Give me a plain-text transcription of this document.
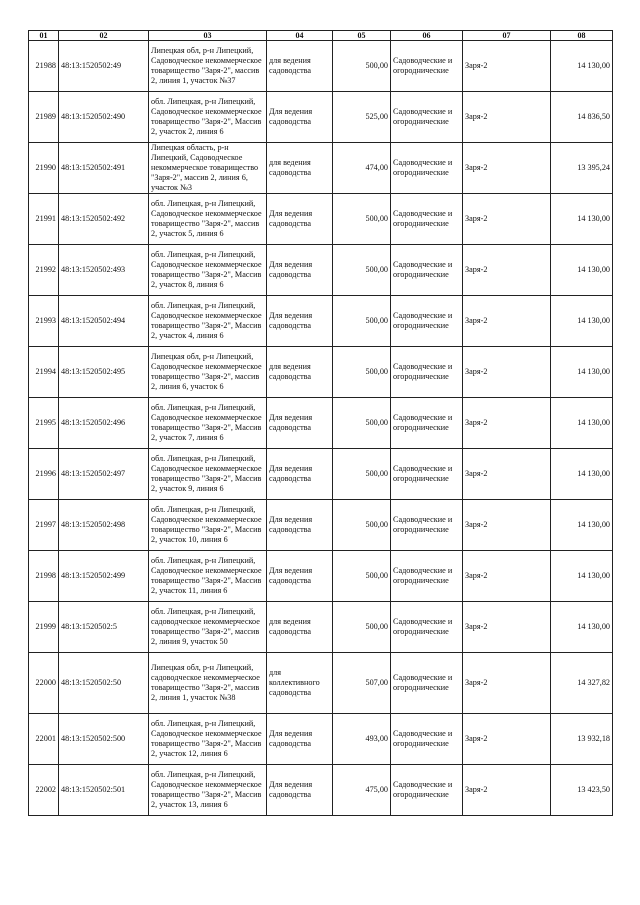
01	02	03	04	05	06	07	08
21988	48:13:1520502:49	Липецкая обл, р-н Липецкий, Садоводческое некоммерческое товарищество "Заря-2", массив 2, линия 1, участок №37	для ведения садоводства	500,00	Садоводческие и огороднические	Заря-2	14 130,00
21989	48:13:1520502:490	обл. Липецкая, р-н Липецкий, Садоводческое некоммерческое товарищество "Заря-2", Массив 2, участок 2, линия 6	Для ведения садоводства	525,00	Садоводческие и огороднические	Заря-2	14 836,50
21990	48:13:1520502:491	Липецкая область, р-н Липецкий, Садоводческое некоммерческое товарищество "Заря-2", массив 2, линия 6, участок №3	для ведения садоводства	474,00	Садоводческие и огороднические	Заря-2	13 395,24
21991	48:13:1520502:492	обл. Липецкая, р-н Липецкий, Садоводческое некоммерческое товарищество "Заря-2", массив 2, участок 5, линия 6	Для ведения садоводства	500,00	Садоводческие и огороднические	Заря-2	14 130,00
21992	48:13:1520502:493	обл. Липецкая, р-н Липецкий, Садоводческое некоммерческое товарищество "Заря-2", Массив 2, участок 8, линия 6	Для ведения садоводства	500,00	Садоводческие и огороднические	Заря-2	14 130,00
21993	48:13:1520502:494	обл. Липецкая, р-н Липецкий, Садоводческое некоммерческое товарищество "Заря-2", Массив 2, участок 4, линия 6	Для ведения садоводства	500,00	Садоводческие и огороднические	Заря-2	14 130,00
21994	48:13:1520502:495	Липецкая обл, р-н Липецкий, Садоводческое некоммерческое товарищество "Заря-2", массив 2, линия 6, участок 6	для ведения садоводства	500,00	Садоводческие и огороднические	Заря-2	14 130,00
21995	48:13:1520502:496	обл. Липецкая, р-н Липецкий, Садоводческое некоммерческое товарищество "Заря-2", Массив 2, участок 7, линия 6	Для ведения садоводства	500,00	Садоводческие и огороднические	Заря-2	14 130,00
21996	48:13:1520502:497	обл. Липецкая, р-н Липецкий, Садоводческое некоммерческое товарищество "Заря-2", Массив 2, участок 9, линия 6	Для ведения садоводства	500,00	Садоводческие и огороднические	Заря-2	14 130,00
21997	48:13:1520502:498	обл. Липецкая, р-н Липецкий, Садоводческое некоммерческое товарищество "Заря-2", Массив 2, участок 10, линия 6	Для ведения садоводства	500,00	Садоводческие и огороднические	Заря-2	14 130,00
21998	48:13:1520502:499	обл. Липецкая, р-н Липецкий, Садоводческое некоммерческое товарищество "Заря-2", Массив 2, участок 11, линия 6	Для ведения садоводства	500,00	Садоводческие и огороднические	Заря-2	14 130,00
21999	48:13:1520502:5	обл. Липецкая, р-н Липецкий, садоводческое некоммерческое товарищество "Заря-2", массив 2, линия 9, участок 50	для ведения садоводства	500,00	Садоводческие и огороднические	Заря-2	14 130,00
22000	48:13:1520502:50	Липецкая обл, р-н Липецкий, садоводческое некоммерческое товарищество "Заря-2", массив 2, линия 1, участок №38	для коллективного садоводства	507,00	Садоводческие и огороднические	Заря-2	14 327,82
22001	48:13:1520502:500	обл. Липецкая, р-н Липецкий, Садоводческое некоммерческое товарищество "Заря-2", Массив 2, участок 12, линия 6	Для ведения садоводства	493,00	Садоводческие и огороднические	Заря-2	13 932,18
22002	48:13:1520502:501	обл. Липецкая, р-н Липецкий, Садоводческое некоммерческое товарищество "Заря-2", Массив 2, участок 13, линия 6	Для ведения садоводства	475,00	Садоводческие и огороднические	Заря-2	13 423,50
